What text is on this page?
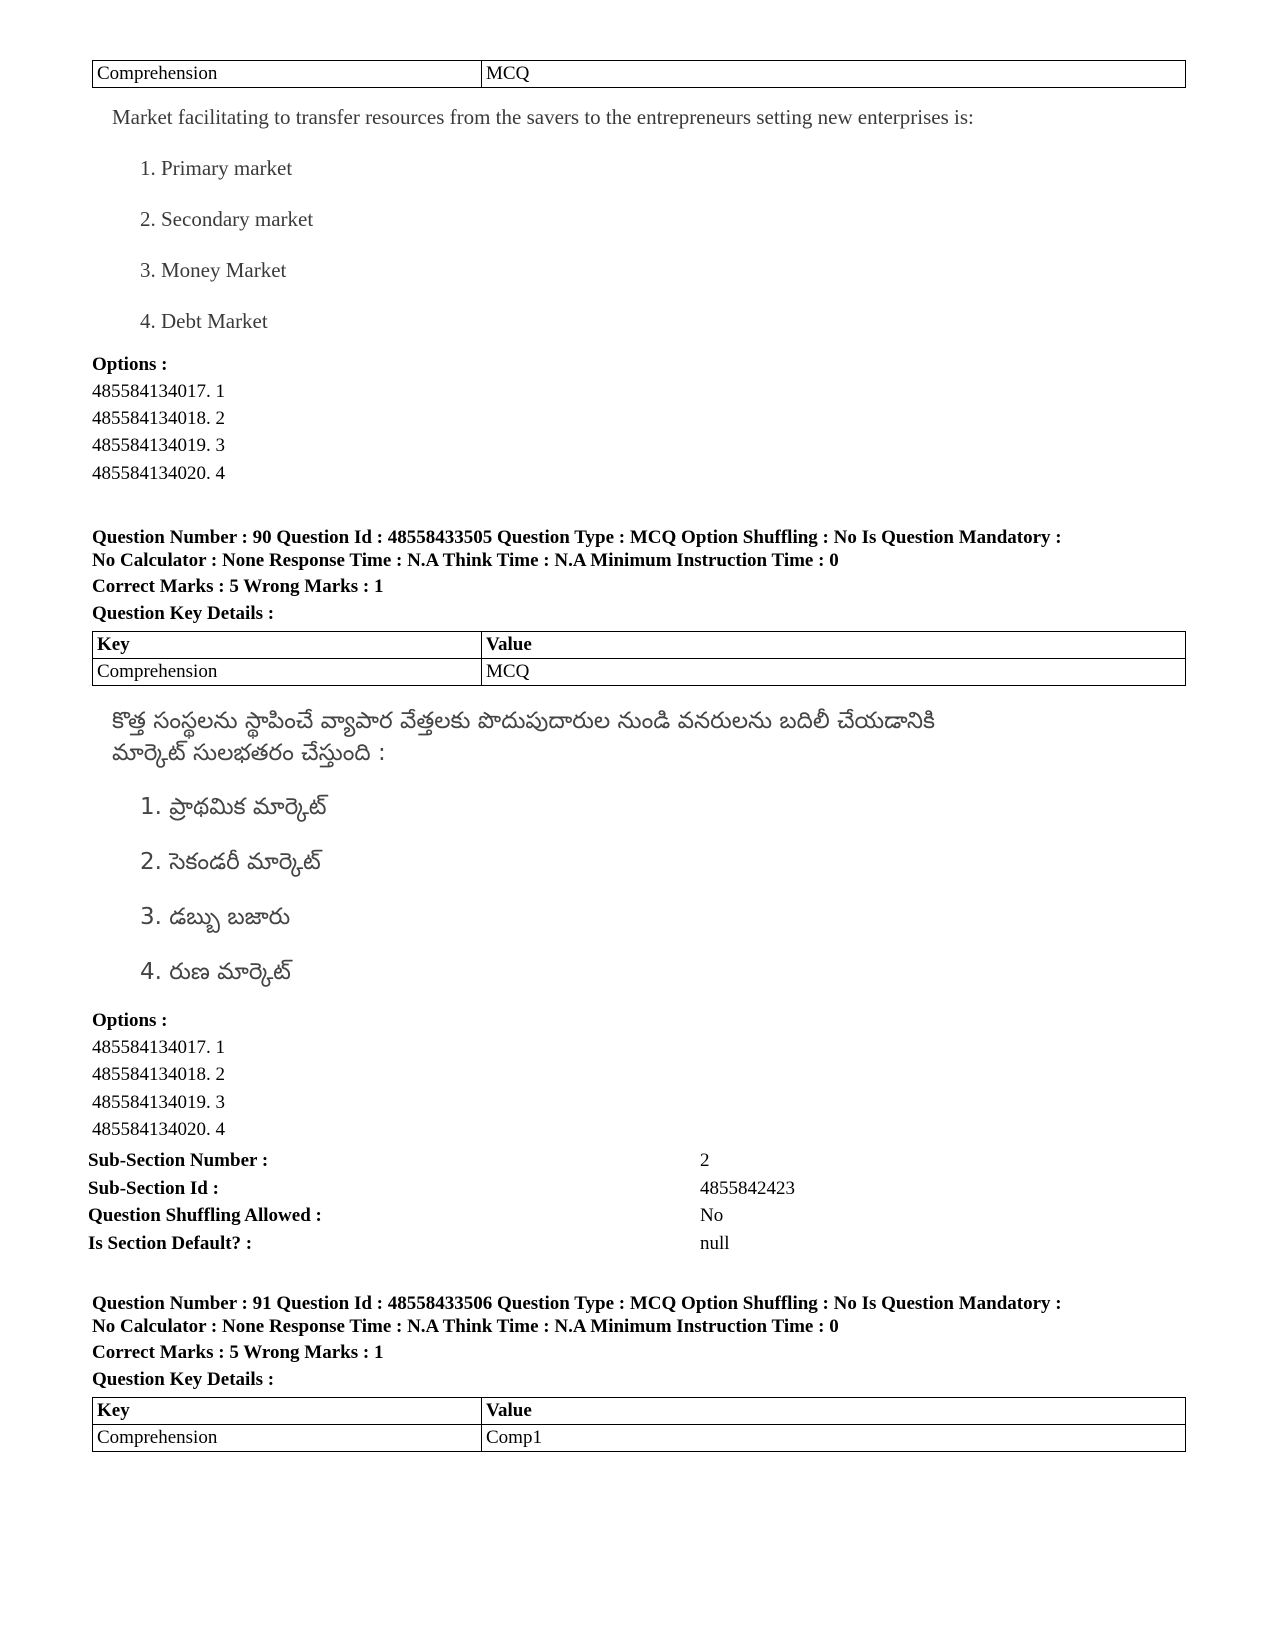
Comprehension	MCQ
Market facilitating to transfer resources from the savers to the entrepreneurs setting new enterprises is:
1. Primary market
2. Secondary market
3. Money Market
4. Debt Market
Options :
485584134017. 1
485584134018. 2
485584134019. 3
485584134020. 4
Question Number : 90 Question Id : 48558433505 Question Type : MCQ Option Shuffling : No Is Question Mandatory :
No Calculator : None Response Time : N.A Think Time : N.A Minimum Instruction Time : 0
Correct Marks : 5 Wrong Marks : 1
Question Key Details :
Key	Value
Comprehension	MCQ
కొత్త సంస్థలను స్థాపించే వ్యాపార వేత్తలకు పొదుపుదారుల నుండి వనరులను బదిలీ చేయడానికి
మార్కెట్ సులభతరం చేస్తుంది :
1. ప్రాథమిక మార్కెట్
2. సెకండరీ మార్కెట్
3. డబ్బు బజారు
4. రుణ మార్కెట్
Options :
485584134017. 1
485584134018. 2
485584134019. 3
485584134020. 4
Sub-Section Number :	2
Sub-Section Id :	4855842423
Question Shuffling Allowed :	No
Is Section Default? :	null
Question Number : 91 Question Id : 48558433506 Question Type : MCQ Option Shuffling : No Is Question Mandatory :
No Calculator : None Response Time : N.A Think Time : N.A Minimum Instruction Time : 0
Correct Marks : 5 Wrong Marks : 1
Question Key Details :
Key	Value
Comprehension	Comp1
